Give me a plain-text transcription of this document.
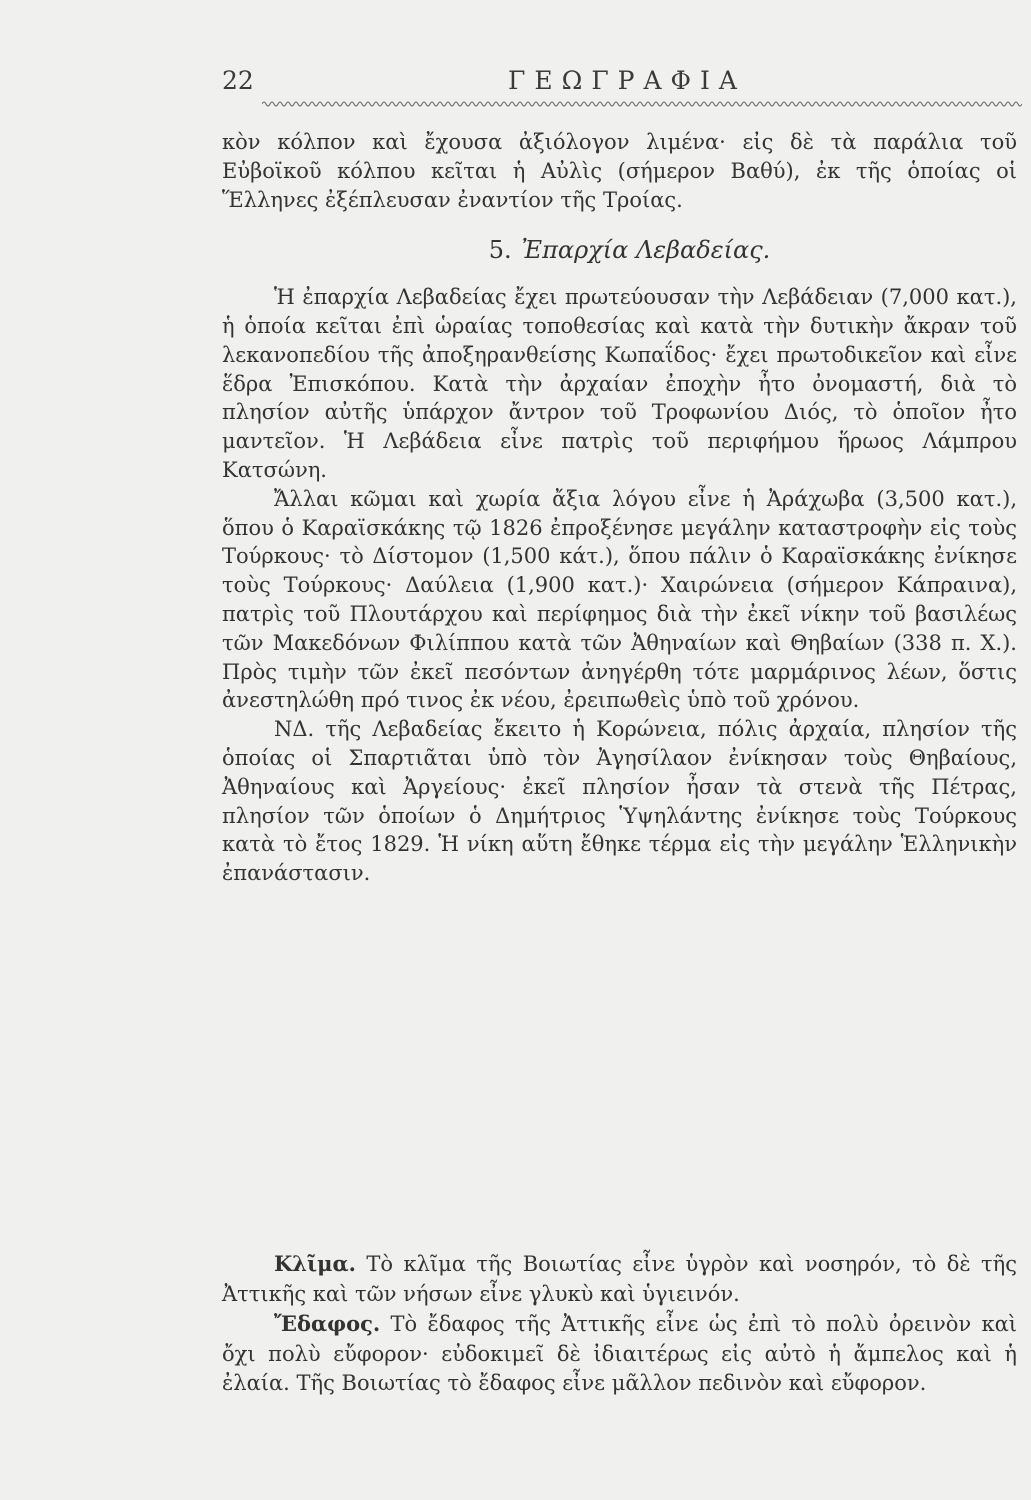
22	ΓΕΩΓΡΑΦΙΑ

κὸν κόλπον καὶ ἔχουσα ἀξιόλογον λιμένα· εἰς δὲ τὰ παράλια τοῦ Εὐβοϊκοῦ κόλπου κεῖται ἡ Αὐλὶς (σήμερον Βαθύ), ἐκ τῆς ὁποίας οἱ Ἕλληνες ἐξέπλευσαν ἐναντίον τῆς Τροίας.

5. Ἐπαρχία Λεβαδείας.

Ἡ ἐπαρχία Λεβαδείας ἔχει πρωτεύουσαν τὴν Λεβάδειαν (7,000 κατ.), ἡ ὁποία κεῖται ἐπὶ ὡραίας τοποθεσίας καὶ κατὰ τὴν δυτικὴν ἄκραν τοῦ λεκανοπεδίου τῆς ἀποξηρανθείσης Κωπαΐδος· ἔχει πρωτοδικεῖον καὶ εἶνε ἕδρα Ἐπισκόπου. Κατὰ τὴν ἀρχαίαν ἐποχὴν ἦτο ὀνομαστή, διὰ τὸ πλησίον αὐτῆς ὑπάρχον ἄντρον τοῦ Τροφωνίου Διός, τὸ ὁποῖον ἦτο μαντεῖον. Ἡ Λεβάδεια εἶνε πατρὶς τοῦ περιφήμου ἥρωος Λάμπρου Κατσώνη.

Ἄλλαι κῶμαι καὶ χωρία ἄξια λόγου εἶνε ἡ Ἀράχωβα (3,500 κατ.), ὅπου ὁ Καραϊσκάκης τῷ 1826 ἐπροξένησε μεγάλην καταστροφὴν εἰς τοὺς Τούρκους· τὸ Δίστομον (1,500 κάτ.), ὅπου πάλιν ὁ Καραϊσκάκης ἐνίκησε τοὺς Τούρκους· Δαύλεια (1,900 κατ.)· Χαιρώνεια (σήμερον Κάπραινα), πατρὶς τοῦ Πλουτάρχου καὶ περίφημος διὰ τὴν ἐκεῖ νίκην τοῦ βασιλέως τῶν Μακεδόνων Φιλίππου κατὰ τῶν Ἀθηναίων καὶ Θηβαίων (338 π. Χ.). Πρὸς τιμὴν τῶν ἐκεῖ πεσόντων ἀνηγέρθη τότε μαρμάρινος λέων, ὅστις ἀνεστηλώθη πρό τινος ἐκ νέου, ἐρειπωθεὶς ὑπὸ τοῦ χρόνου.

ΝΔ. τῆς Λεβαδείας ἔκειτο ἡ Κορώνεια, πόλις ἀρχαία, πλησίον τῆς ὁποίας οἱ Σπαρτιᾶται ὑπὸ τὸν Ἀγησίλαον ἐνίκησαν τοὺς Θηβαίους, Ἀθηναίους καὶ Ἀργείους· ἐκεῖ πλησίον ἦσαν τὰ στενὰ τῆς Πέτρας, πλησίον τῶν ὁποίων ὁ Δημήτριος Ὑψηλάντης ἐνίκησε τοὺς Τούρκους κατὰ τὸ ἔτος 1829. Ἡ νίκη αὕτη ἔθηκε τέρμα εἰς τὴν μεγάλην Ἑλληνικὴν ἐπανάστασιν.

Κλῖμα. Τὸ κλῖμα τῆς Βοιωτίας εἶνε ὑγρὸν καὶ νοσηρόν, τὸ δὲ τῆς Ἀττικῆς καὶ τῶν νήσων εἶνε γλυκὺ καὶ ὑγιεινόν.

Ἔδαφος. Τὸ ἔδαφος τῆς Ἀττικῆς εἶνε ὡς ἐπὶ τὸ πολὺ ὀρεινὸν καὶ ὄχι πολὺ εὔφορον· εὐδοκιμεῖ δὲ ἰδιαιτέρως εἰς αὐτὸ ἡ ἄμπελος καὶ ἡ ἐλαία. Τῆς Βοιωτίας τὸ ἔδαφος εἶνε μᾶλλον πεδινὸν καὶ εὔφορον.
